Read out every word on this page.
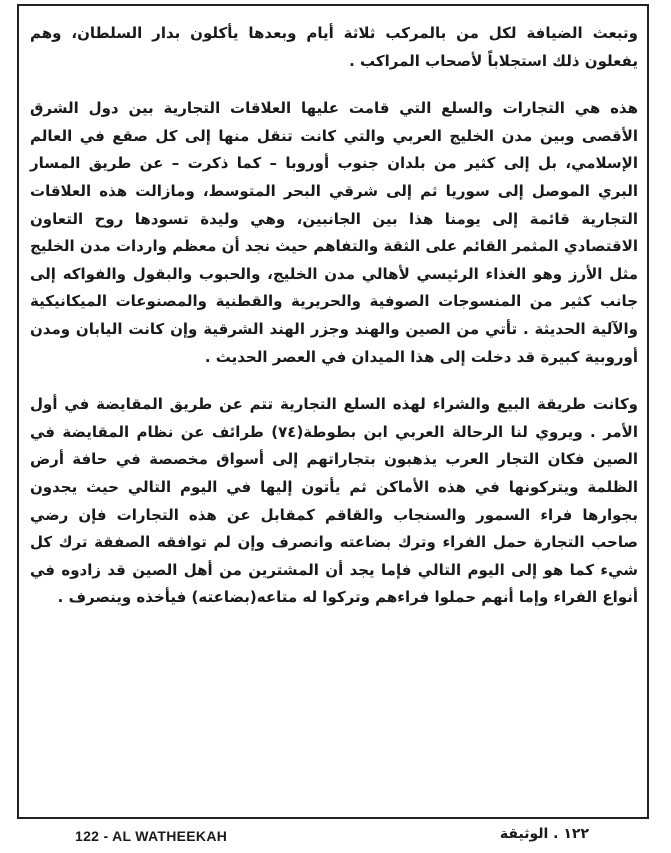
وتبعث الضيافة لكل من بالمركب ثلاثة أيام وبعدها يأكلون بدار السلطان، وهم يفعلون ذلك استجلاباً لأصحاب المراكب .

هذه هي التجارات والسلع التي قامت عليها العلاقات التجارية بين دول الشرق الأقصى وبين مدن الخليج العربي والتي كانت تنقل منها إلى كل صقع في العالم الإسلامي، بل إلى كثير من بلدان جنوب أوروبا – كما ذكرت – عن طريق المسار البري الموصل إلى سوريا ثم إلى شرقي البحر المتوسط، ومازالت هذه العلاقات التجارية قائمة إلى يومنا هذا بين الجانبين، وهي وليدة تسودها روح التعاون الاقتصادي المثمر القائم على الثقة والتفاهم حيث نجد أن معظم واردات مدن الخليج مثل الأرز وهو الغذاء الرئيسي لأهالي مدن الخليج، والحبوب والبقول والفواكه إلى جانب كثير من المنسوجات الصوفية والحريرية والقطنية والمصنوعات الميكانيكية والآلية الحديثة . تأتي من الصين والهند وجزر الهند الشرقية وإن كانت اليابان ومدن أوروبية كبيرة قد دخلت إلى هذا الميدان في العصر الحديث .

وكانت طريقة البيع والشراء لهذه السلع التجارية تتم عن طريق المقايضة في أول الأمر . ويروي لنا الرحالة العربي ابن بطوطة(٧٤) طرائف عن نظام المقايضة في الصين فكان التجار العرب يذهبون بتجاراتهم إلى أسواق مخصصة في حافة أرض الظلمة ويتركونها في هذه الأماكن ثم يأتون إليها في اليوم التالي حيث يجدون بجوارها فراء السمور والسنجاب والقاقم كمقابل عن هذه التجارات فإن رضي صاحب التجارة حمل الفراء وترك بضاعته وانصرف وإن لم توافقه الصفقة ترك كل شيء كما هو إلى اليوم التالي فإما يجد أن المشترين من أهل الصين قد زادوه في أنواع الفراء وإما أنهم حملوا فراءهم وتركوا له متاعه(بضاعته) فيأخذه وينصرف .

122 - AL WATHEEKAH	١٢٢ . الوثيقة
